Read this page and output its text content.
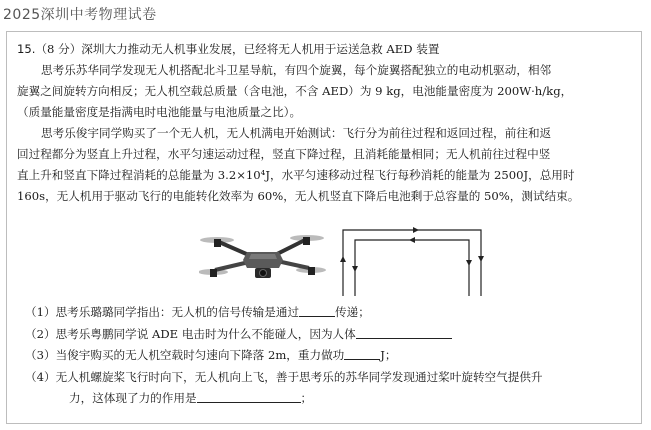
2025深圳中考物理试卷

15.（8 分）深圳大力推动无人机事业发展，已经将无人机用于运送急救 AED 装置

思考乐苏华同学发现无人机搭配北斗卫星导航，有四个旋翼，每个旋翼搭配独立的电动机驱动，相邻

旋翼之间旋转方向相反；无人机空载总质量（含电池，不含 AED）为 9 kg，电池能量密度为 200W·h/kg，

（质量能量密度是指满电时电池能量与电池质量之比）。

思考乐俊宇同学购买了一个无人机，无人机满电开始测试：飞行分为前往过程和返回过程，前往和返

回过程都分为竖直上升过程，水平匀速运动过程，竖直下降过程，且消耗能量相同；无人机前往过程中竖

直上升和竖直下降过程消耗的总能量为 3.2×10⁴J，水平匀速移动过程飞行每秒消耗的能量为 2500J，总用时

160s，无人机用于驱动飞行的电能转化效率为 60%，无人机竖直下降后电池剩于总容量的 50%，测试结束。

（1）思考乐璐璐同学指出：无人机的信号传输是通过	传递；

（2）思考乐粤鹏同学说 ADE 电击时为什么不能碰人，因为人体

（3）当俊宇购买的无人机空载时匀速向下降落 2m，重力做功	J；

（4）无人机螺旋桨飞行时向下，无人机向上飞，善于思考乐的苏华同学发现通过桨叶旋转空气提供升

力，这体现了力的作用是	；
